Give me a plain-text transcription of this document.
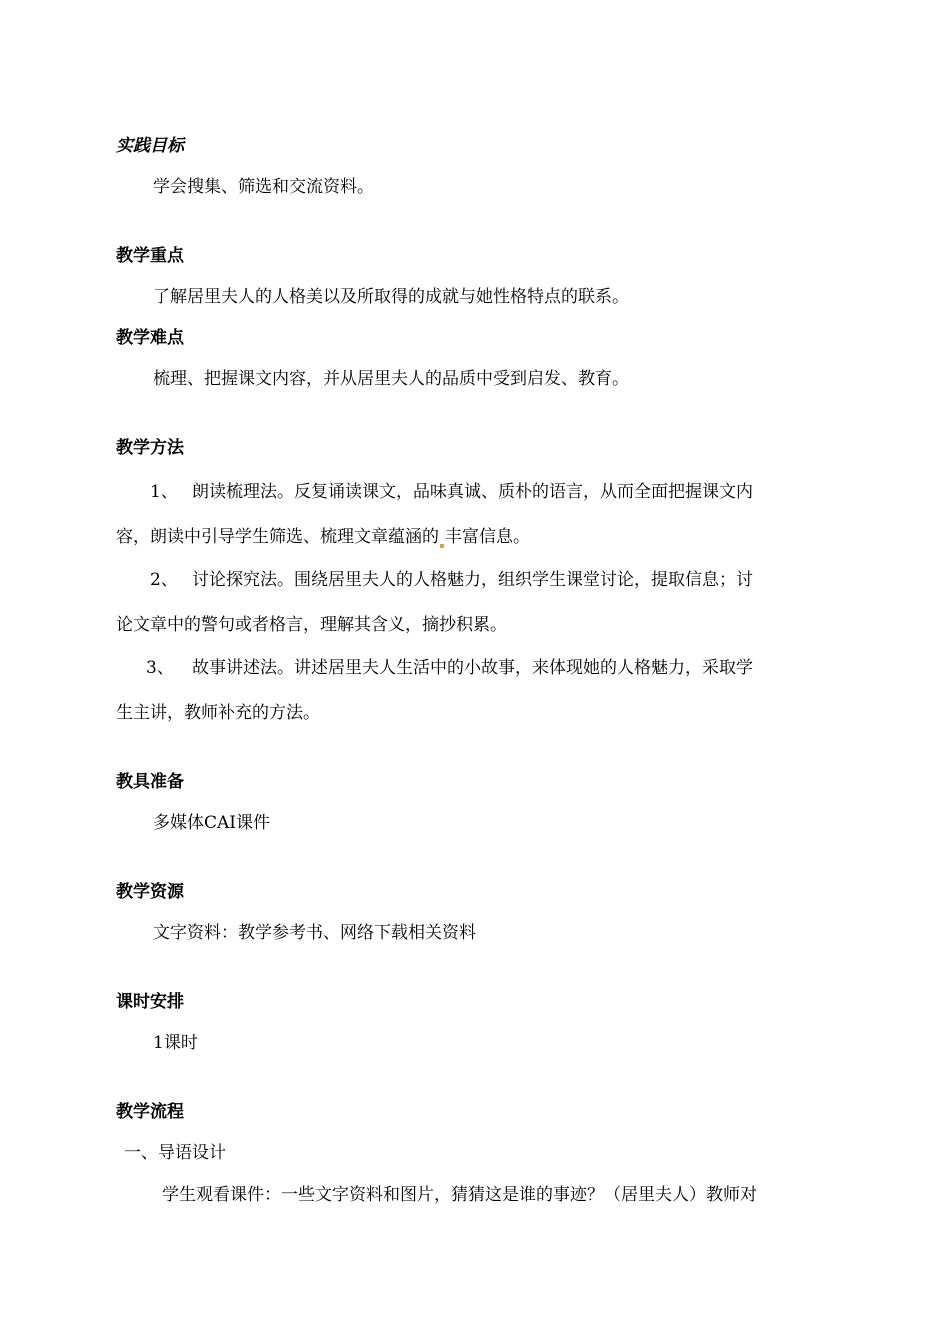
实践目标
学会搜集、筛选和交流资料。
教学重点
了解居里夫人的人格美以及所取得的成就与她性格特点的联系。
教学难点
梳理、把握课文内容，并从居里夫人的品质中受到启发、教育。
教学方法
1、 朗读梳理法。反复诵读课文，品味真诚、质朴的语言，从而全面把握课文内
容，朗读中引导学生筛选、梳理文章蕴涵的 丰富信息。
2、 讨论探究法。围绕居里夫人的人格魅力，组织学生课堂讨论，提取信息；讨
论文章中的警句或者格言，理解其含义，摘抄积累。
3、 故事讲述法。讲述居里夫人生活中的小故事，来体现她的人格魅力，采取学
生主讲，教师补充的方法。
教具准备
多媒体CAI课件
教学资源
文字资料：教学参考书、网络下载相关资料
课时安排
1课时
教学流程
一、导语设计
学生观看课件：一些文字资料和图片，猜猜这是谁的事迹？（居里夫人）教师对
